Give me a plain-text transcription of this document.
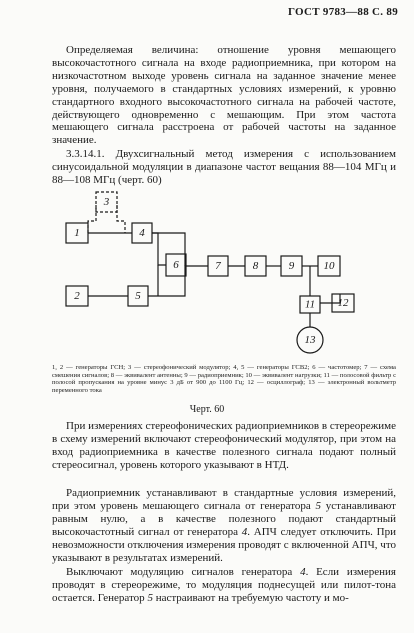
ГОСТ 9783—88 С. 89

Определяемая величина: отношение уровня мешающего высокочастотного сигнала на входе радиоприемника, при котором на низкочастотном выходе уровень сигнала на заданное значение менее уровня, получаемого в стандартных условиях измерений, к уровню стандартного входного высокочастотного сигнала на рабочей частоте, действующего одновременно с мешающим. При этом частота мешающего сигнала расстроена от рабочей частоты на заданное значение.

3.3.14.1. Двухсигнальный метод измерения с использованием синусоидальной модуляции в диапазоне частот вещания 88—104 МГц и 88—108 МГц (черт. 60)

1
2
3
4
5
6	7	8	9	10
11 12
13

1, 2 — генераторы ГСН; 3 — стереофонический модулятор; 4, 5 — генераторы ГСВ2; 6 — частотомер; 7 — схема смешения сигналов; 8 — эквивалент антенны; 9 — радиоприемник; 10 — эквивалент нагрузки; 11 — полосовой фильтр с полосой пропускания на уровне минус 3 дБ от 900 до 1100 Гц; 12 — осциллограф; 13 — электронный вольтметр переменного тока

Черт. 60

При измерениях стереофонических радиоприемников в стереорежиме в схему измерений включают стереофонический модулятор, при этом на вход радиоприемника в качестве полезного сигнала подают полный стереосигнал, уровень которого указывают в НТД.

Радиоприемник устанавливают в стандартные условия измерений, при этом уровень мешающего сигнала от генератора 5 устанавливают равным нулю, а в качестве полезного подают стандартный высокочастотный сигнал от генератора 4. АПЧ следует отключить. При невозможности отключения измерения проводят с включенной АПЧ, что указывают в результатах измерений.

Выключают модуляцию сигналов генератора 4. Если измерения проводят в стереорежиме, то модуляция поднесущей или пилот-тона остается. Генератор 5 настраивают на требуемую частоту и мо-
